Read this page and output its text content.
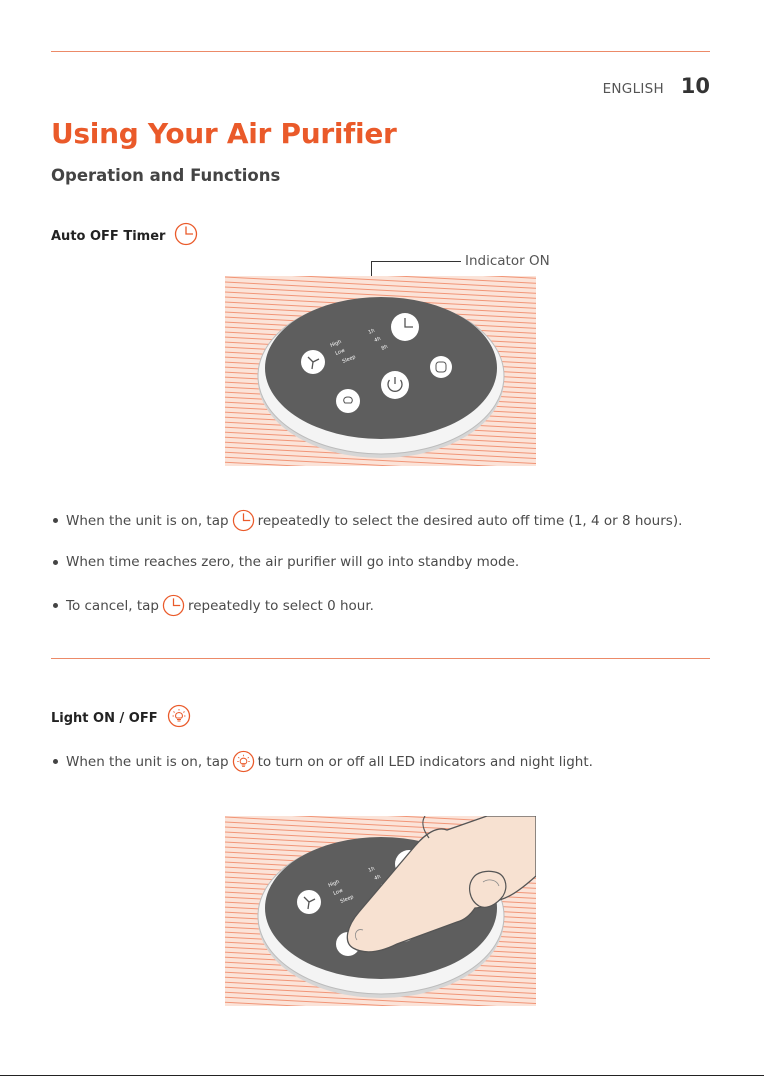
ENGLISH 10
Using Your Air Purifier
Operation and Functions
Auto OFF Timer
Indicator ON
High
Low
Sleep
1h
4h
8h
When the unit is on, tap repeatedly to select the desired auto off time (1, 4 or 8 hours).
When time reaches zero, the air purifier will go into standby mode.
To cancel, tap repeatedly to select 0 hour.
Light ON / OFF
When the unit is on, tap to turn on or off all LED indicators and night light.
High
Low
Sleep
1h
4h
